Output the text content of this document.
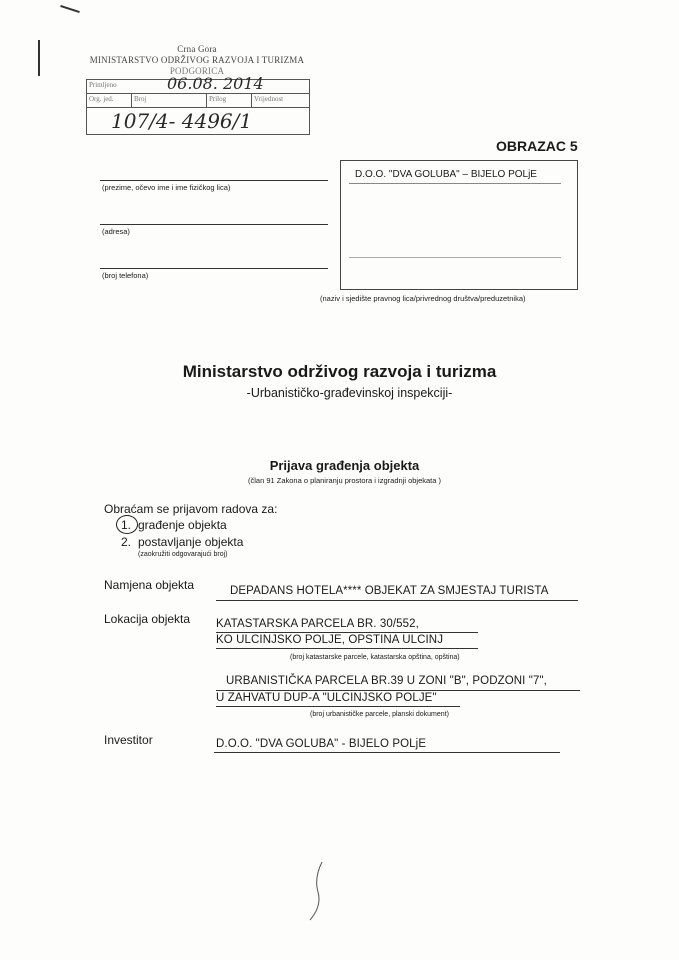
Crna Gora
MINISTARSTVO ODRŽIVOG RAZVOJA I TURIZMA
PODGORICA
Primljeno	06.08. 2014
Org. jed.	Broj	Prilog	Vrijednost
107/4- 4496/1
OBRAZAC 5
(prezime, očevo ime i ime fizičkog lica)
(adresa)
(broj telefona)
D.O.O. "DVA GOLUBA" – BIJELO POLjE
(naziv i sjedište pravnog lica/privrednog društva/preduzetnika)
Ministarstvo održivog razvoja i turizma
-Urbanističko-građevinskoj inspekciji-
Prijava građenja objekta
(član 91 Zakona o planiranju prostora i izgradnji objekata )
Obraćam se prijavom radova za:
1. građenje objekta
2. postavljanje objekta
(zaokružiti odgovarajući broj)
Namjena objekta	DEPADANS HOTELA**** OBJEKAT ZA SMJESTAJ TURISTA
Lokacija objekta KATASTARSKA PARCELA BR. 30/552,
KO ULCINJSKO POLJE, OPSTINA ULCINJ
(broj katastarske parcele, katastarska opština, opština)
URBANISTIČKA PARCELA BR.39 U ZONI "B", PODZONI "7",
U ZAHVATU DUP-A "ULCINJSKO POLJE"
(broj urbanističke parcele, planski dokument)
Investitor	D.O.O. "DVA GOLUBA" - BIJELO POLjE
